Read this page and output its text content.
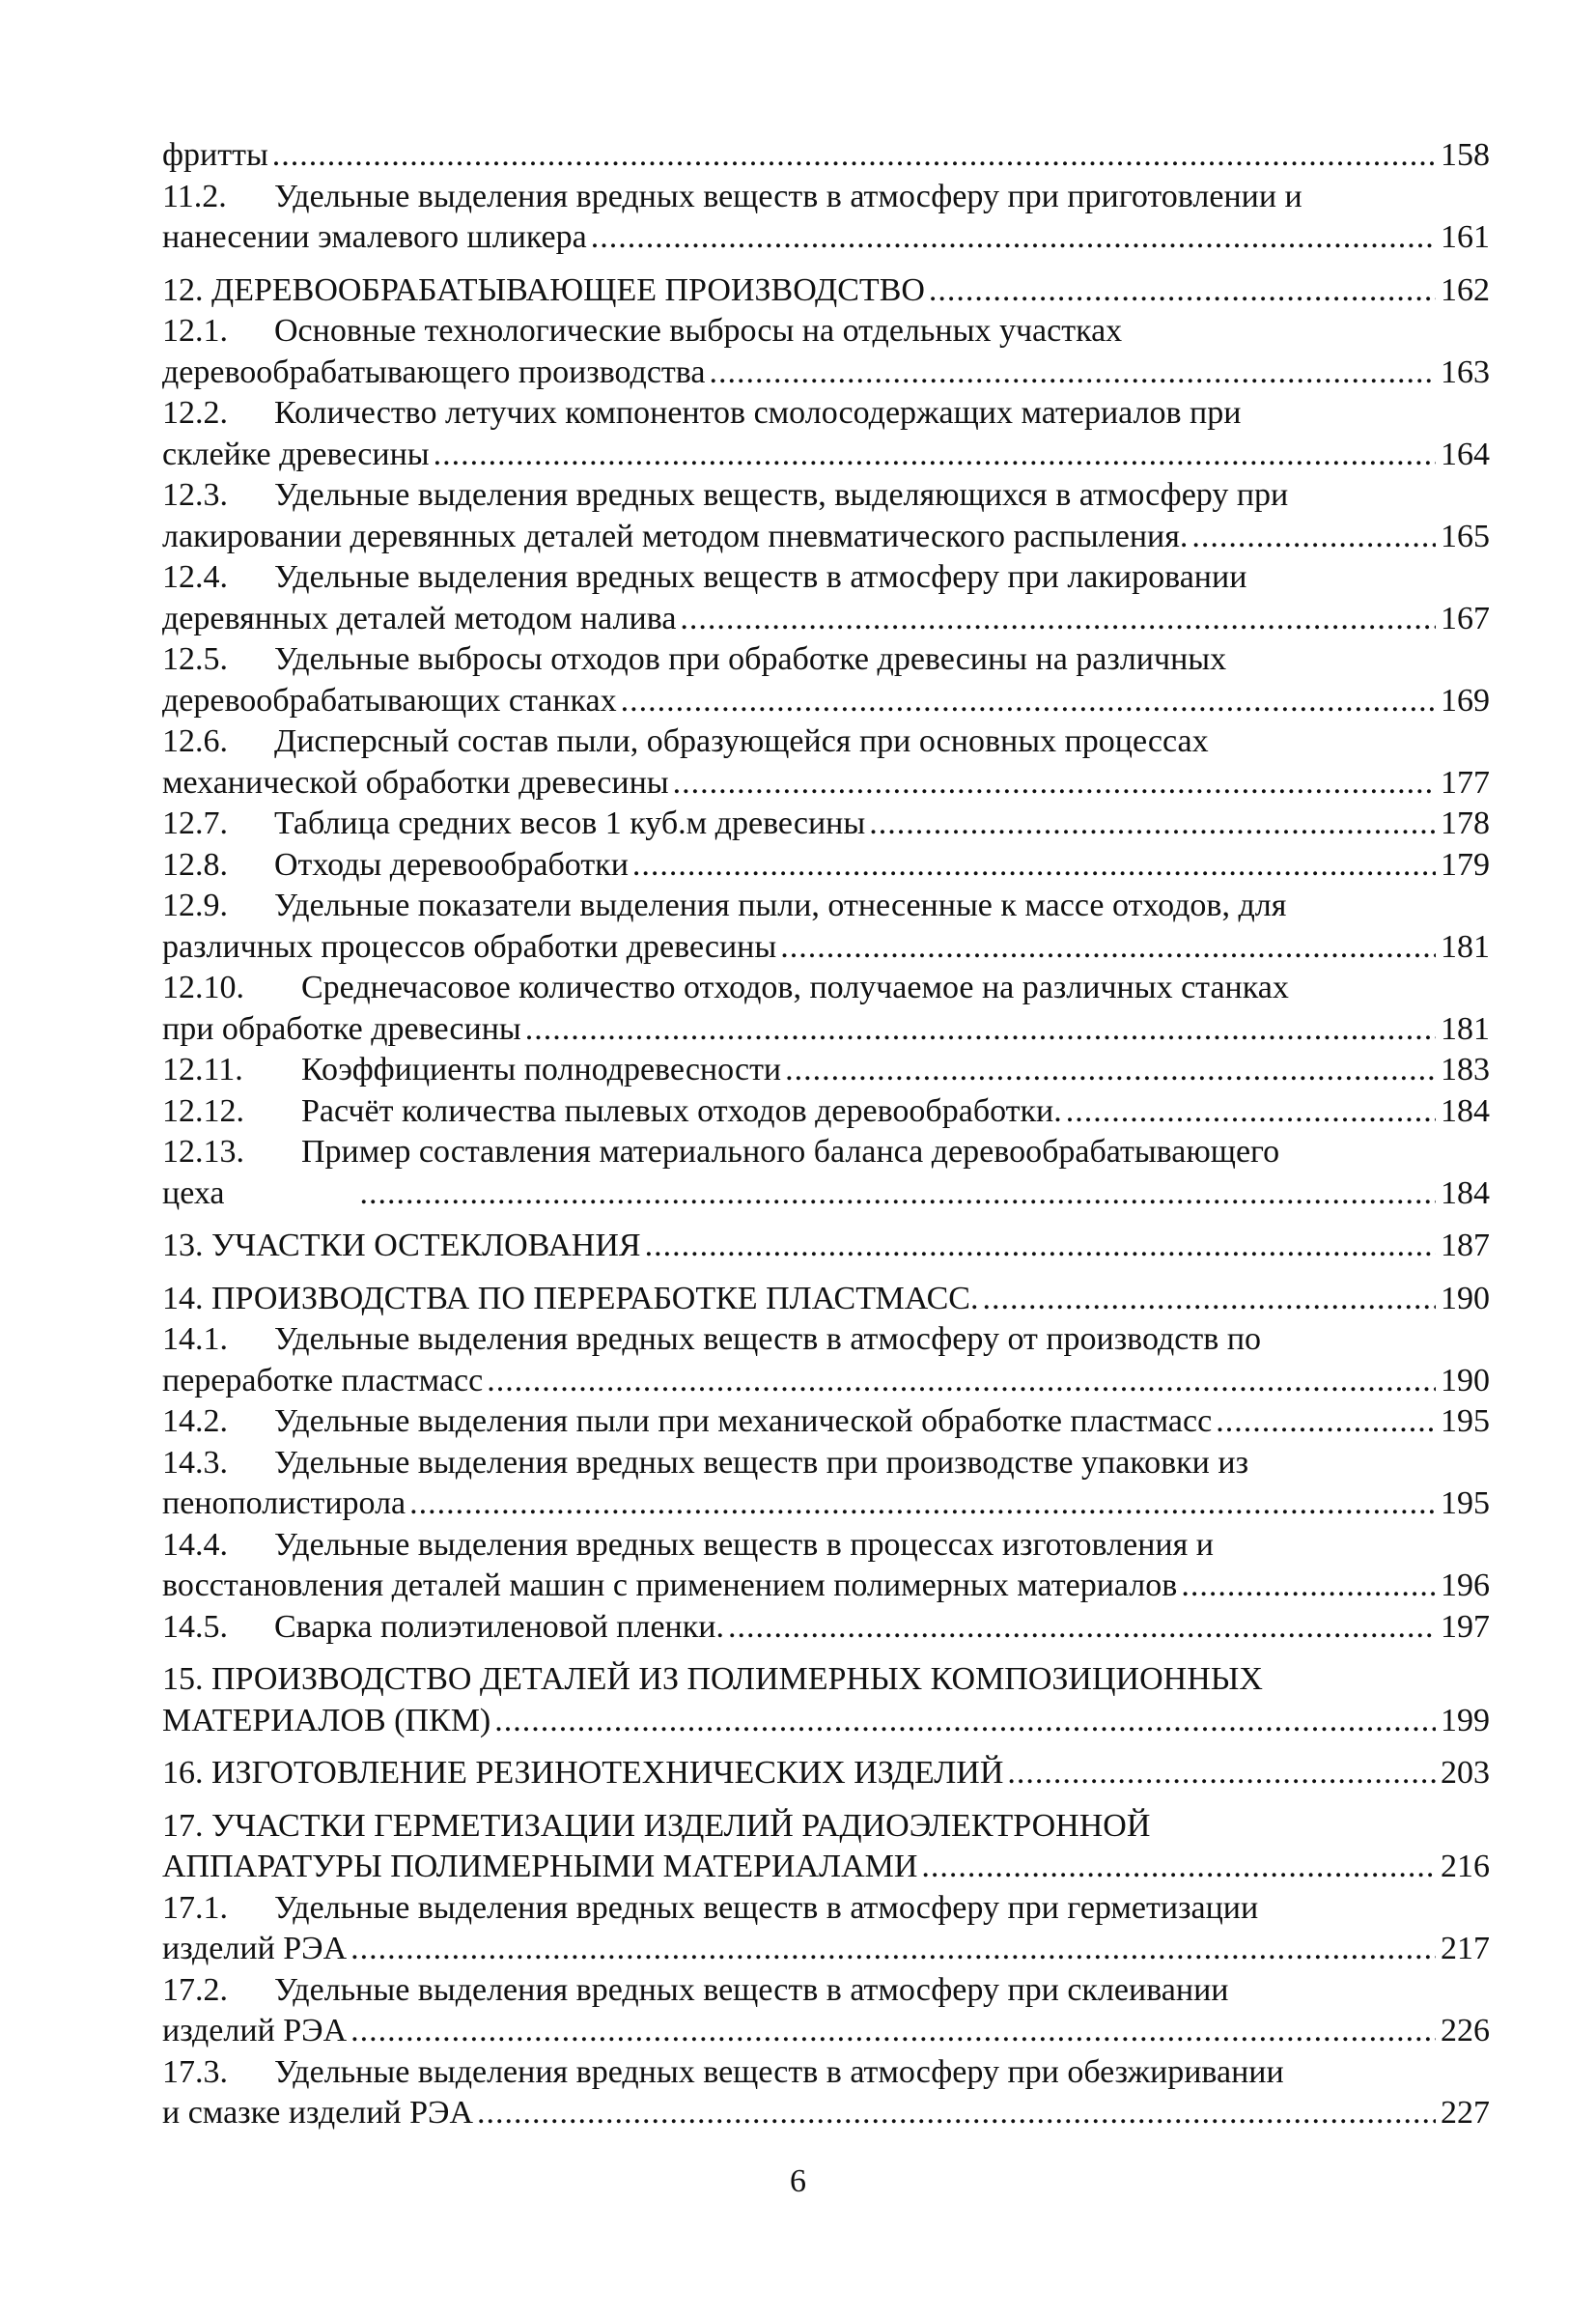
фритты .....	158
11.2.	Удельные выделения вредных веществ в атмосферу при приготовлении и
нанесении эмалевого шликера .....	161
12. ДЕРЕВООБРАБАТЫВАЮЩЕЕ ПРОИЗВОДСТВО .....	162
12.1.	Основные технологические выбросы на отдельных участках
деревообрабатывающего производства .....	163
12.2.	Количество летучих компонентов смолосодержащих материалов при
склейке древесины .....	164
12.3.	Удельные выделения вредных веществ, выделяющихся в атмосферу при
лакировании деревянных деталей методом пневматического распыления. .....	165
12.4.	Удельные выделения вредных веществ в атмосферу при лакировании
деревянных деталей методом налива .....	167
12.5.	Удельные выбросы отходов при обработке древесины на различных
деревообрабатывающих станках .....	169
12.6.	Дисперсный состав пыли, образующейся при основных процессах
механической обработки древесины .....	177
12.7.	Таблица средних весов 1 куб.м древесины .....	178
12.8.	Отходы деревообработки .....	179
12.9.	Удельные показатели выделения пыли, отнесенные к массе отходов, для
различных процессов обработки древесины .....	181
12.10.	Среднечасовое количество отходов, получаемое на различных станках
при обработке древесины .....	181
12.11.	Коэффициенты полнодревесности .....	183
12.12.	Расчёт количества пылевых отходов деревообработки. .....	184
12.13.	Пример составления материального баланса деревообрабатывающего
цеха .....	184
13. УЧАСТКИ ОСТЕКЛОВАНИЯ .....	187
14. ПРОИЗВОДСТВА ПО ПЕРЕРАБОТКЕ ПЛАСТМАСС. .....	190
14.1.	Удельные выделения вредных веществ в атмосферу от производств по
переработке пластмасс .....	190
14.2.	Удельные выделения пыли при механической обработке пластмасс .....	195
14.3.	Удельные выделения вредных веществ при производстве упаковки из
пенополистирола .....	195
14.4.	Удельные выделения вредных веществ в процессах изготовления и
восстановления деталей машин с применением полимерных материалов .....	196
14.5.	Сварка полиэтиленовой пленки. .....	197
15. ПРОИЗВОДСТВО ДЕТАЛЕЙ ИЗ ПОЛИМЕРНЫХ КОМПОЗИЦИОННЫХ
МАТЕРИАЛОВ (ПКМ) .....	199
16. ИЗГОТОВЛЕНИЕ РЕЗИНОТЕХНИЧЕСКИХ ИЗДЕЛИЙ .....	203
17. УЧАСТКИ ГЕРМЕТИЗАЦИИ ИЗДЕЛИЙ РАДИОЭЛЕКТРОННОЙ
АППАРАТУРЫ ПОЛИМЕРНЫМИ МАТЕРИАЛАМИ .....	216
17.1.	Удельные выделения вредных веществ в атмосферу при герметизации
изделий РЭА .....	217
17.2.	Удельные выделения вредных веществ в атмосферу при склеивании
изделий РЭА .....	226
17.3.	Удельные выделения вредных веществ в атмосферу при обезжиривании
и смазке изделий РЭА .....	227
6
